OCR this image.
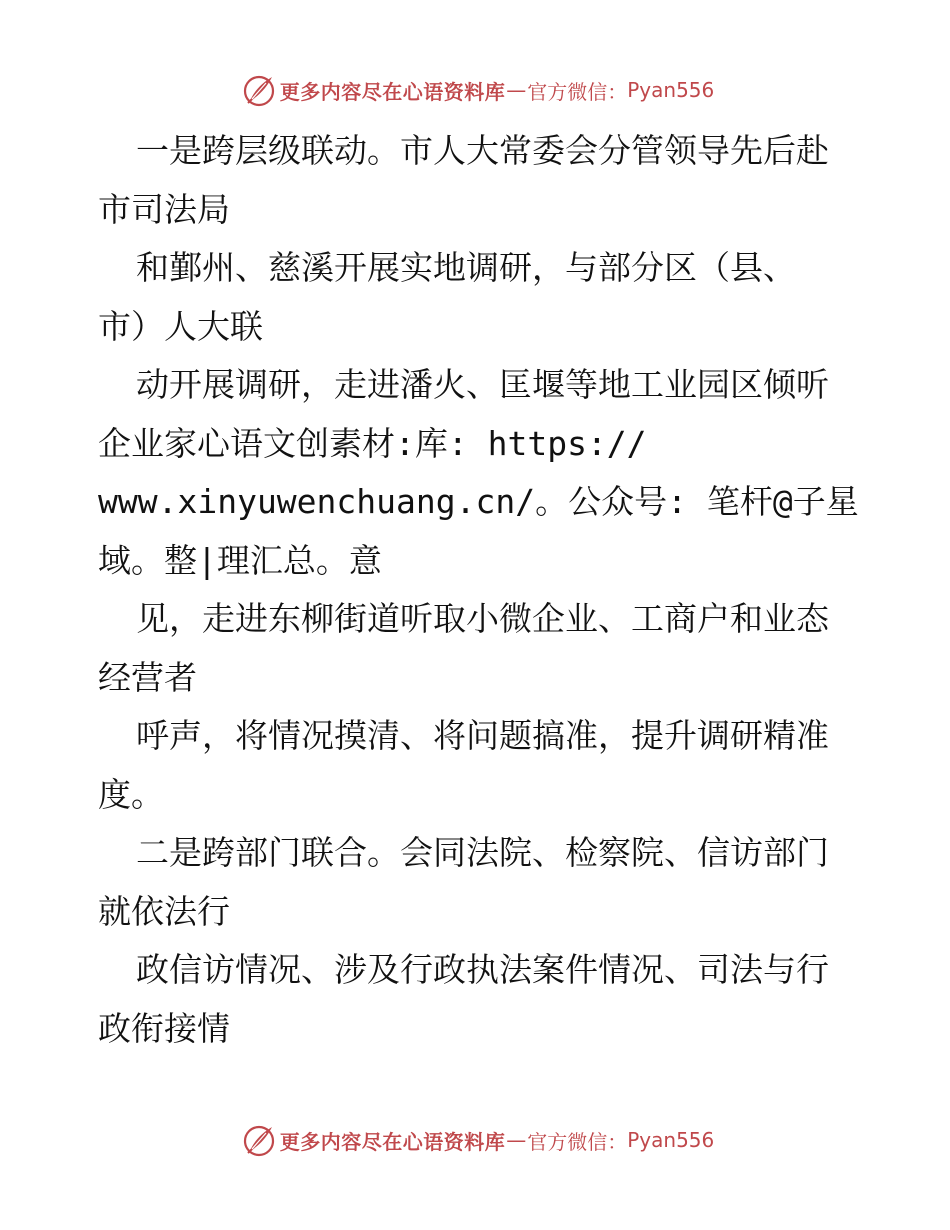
更多内容尽在心语资料库 — 官方微信： Pyan556
一是跨层级联动。市人大常委会分管领导先后赴
市司法局
和鄞州、慈溪开展实地调研，与部分区（县、
市）人大联
动开展调研，走进潘火、匡堰等地工业园区倾听
企业家心语文创素材:库: https://
www.xinyuwenchuang.cn/。公众号: 笔杆@子星
域。整|理汇总。意
见，走进东柳街道听取小微企业、工商户和业态
经营者
呼声，将情况摸清、将问题搞准，提升调研精准
度。
二是跨部门联合。会同法院、检察院、信访部门
就依法行
政信访情况、涉及行政执法案件情况、司法与行
政衔接情
更多内容尽在心语资料库 — 官方微信： Pyan556
